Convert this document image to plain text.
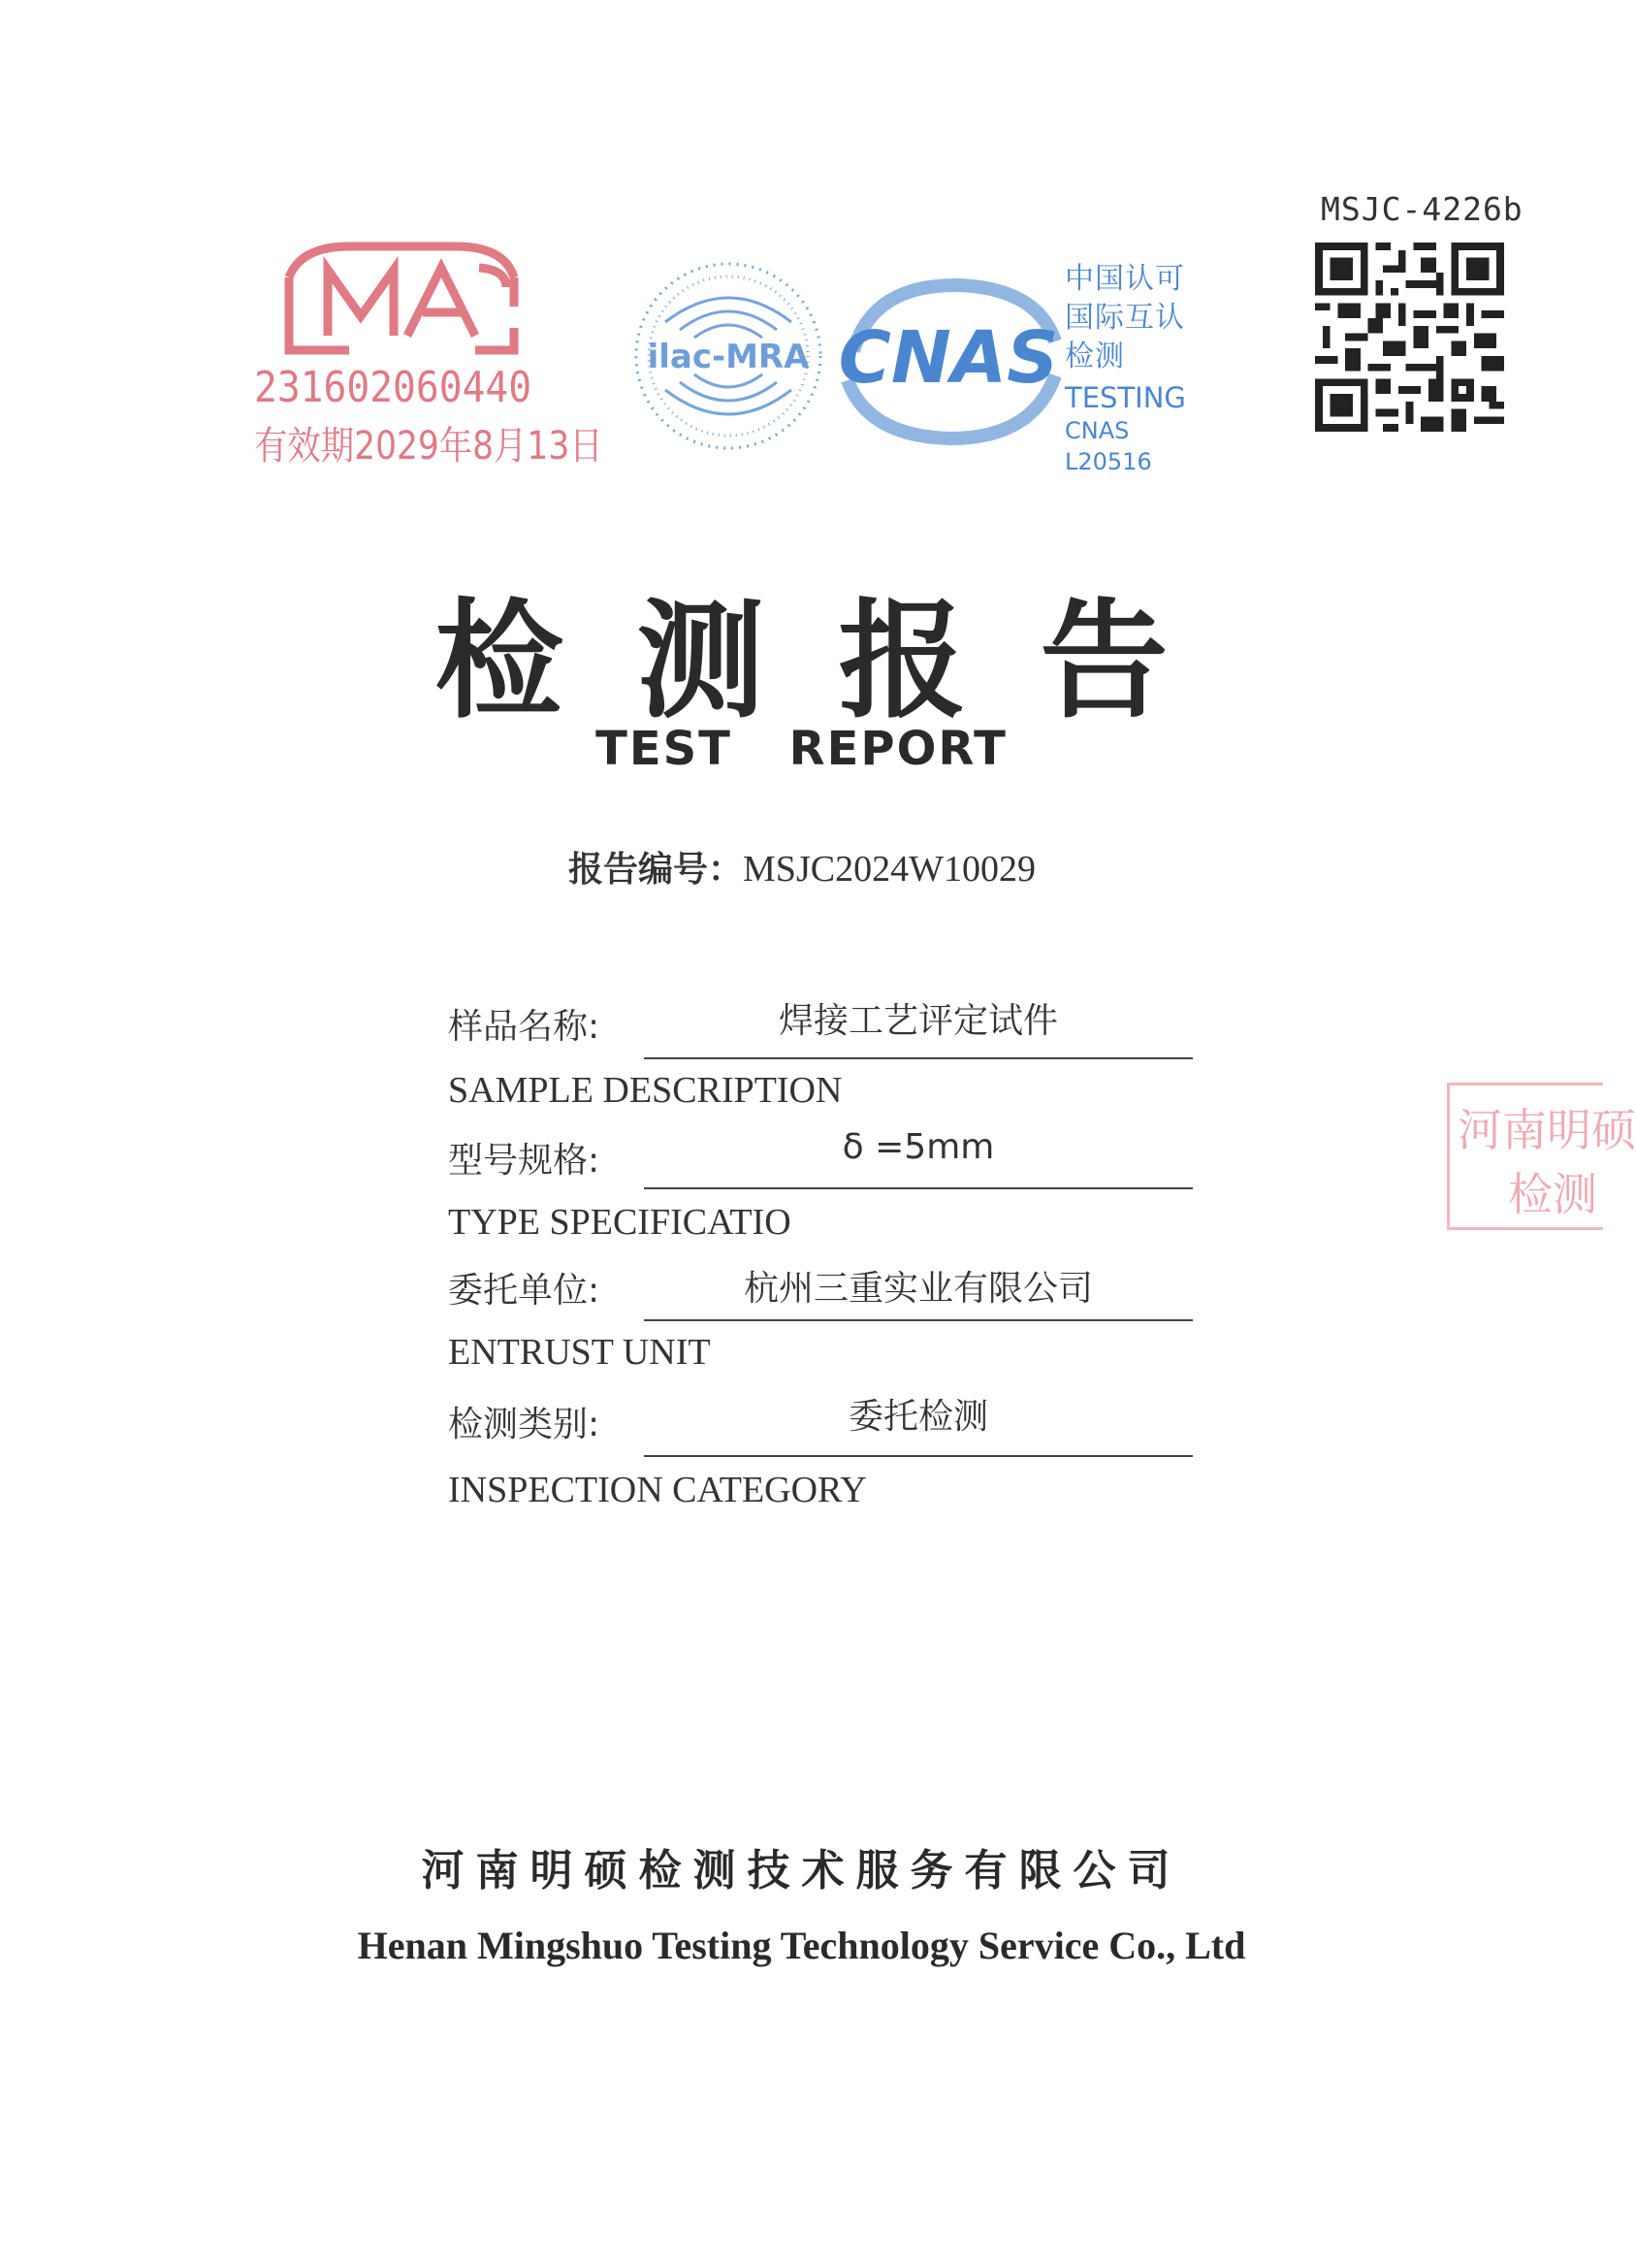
MSJC-4226b
231602060440
有效期2029年8月13日
ilac-MRA CNAS
中国认可
国际互认
检测
TESTING
CNAS L20516
检测报告
TEST REPORT
报告编号：MSJC2024W10029
样品名称:	焊接工艺评定试件
SAMPLE DESCRIPTION
型号规格:	δ =5mm
TYPE SPECIFICATIO
委托单位:	杭州三重实业有限公司
ENTRUST UNIT
检测类别:	委托检测
INSPECTION CATEGORY
河南明硕
检测
河南明硕检测技术服务有限公司
Henan Mingshuo Testing Technology Service Co., Ltd
